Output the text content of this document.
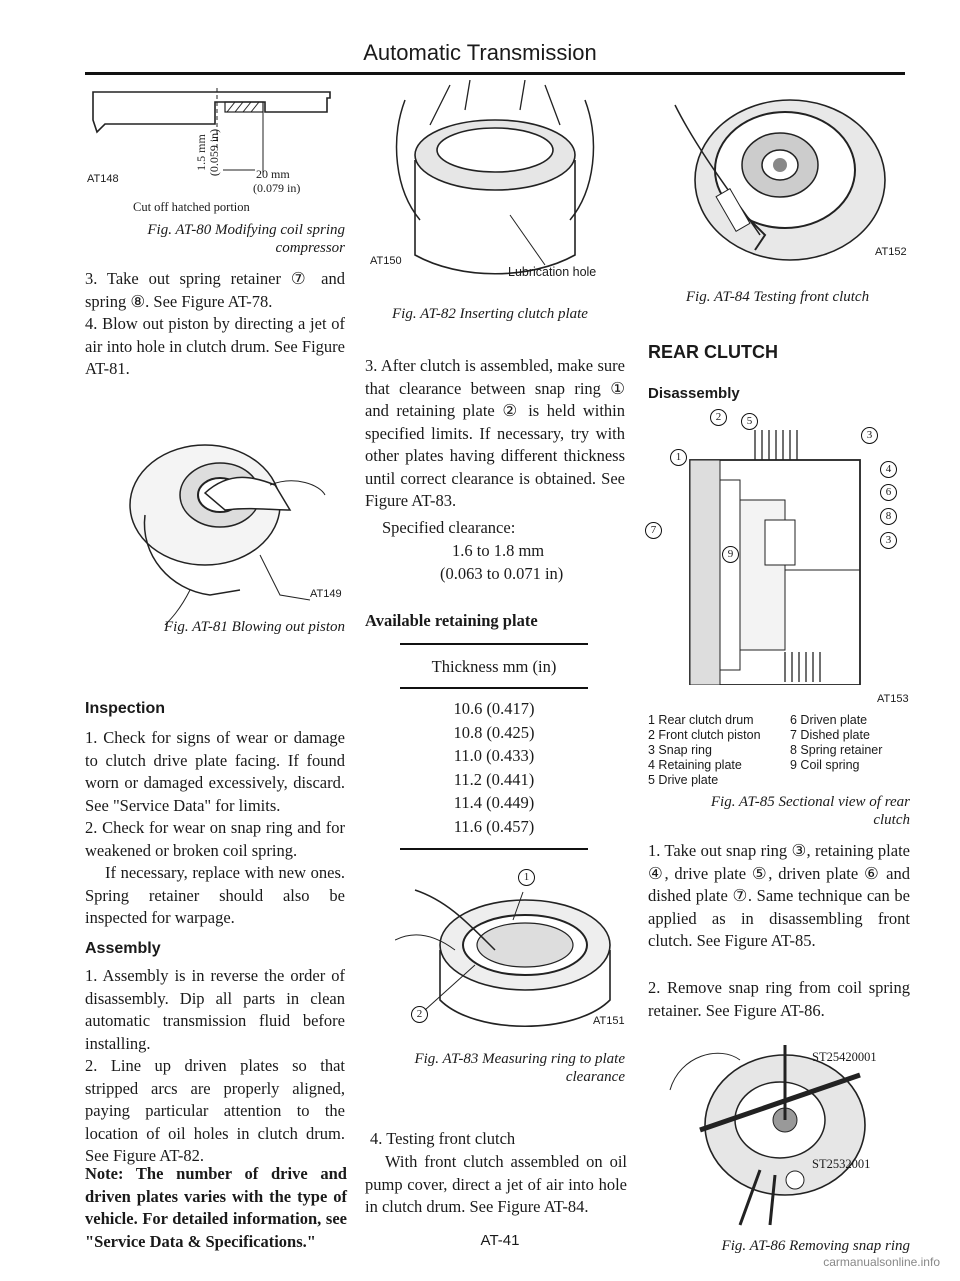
Automatic Transmission
AT148
1.5 mm (0.059 in)	20 mm
(0.079 in)
Cut off hatched portion
Fig. AT-80 Modifying coil spring compressor
3. Take out spring retainer ⑦ and spring ⑧. See Figure AT-78.
4. Blow out piston by directing a jet of air into hole in clutch drum. See Figure AT-81.
AT149
Fig. AT-81 Blowing out piston
Inspection
1. Check for signs of wear or damage to clutch drive plate facing. If found worn or damaged excessively, discard. See "Service Data" for limits.
2. Check for wear on snap ring and for weakened or broken coil spring.
If necessary, replace with new ones. Spring retainer should also be inspected for warpage.
Assembly
1. Assembly is in reverse the order of disassembly. Dip all parts in clean automatic transmission fluid before installing.
2. Line up driven plates so that stripped arcs are properly aligned, paying particular attention to the location of oil holes in clutch drum. See Figure AT-82.
Note: The number of drive and driven plates varies with the type of vehicle. For detailed information, see "Service Data & Specifications."
AT150
Lubrication hole
Fig. AT-82 Inserting clutch plate
3. After clutch is assembled, make sure that clearance between snap ring ① and retaining plate ② is held within specified limits. If necessary, try with other plates having different thickness until correct clearance is obtained. See Figure AT-83.
Specified clearance:
1.6 to 1.8 mm
(0.063 to 0.071 in)
Available retaining plate
Thickness mm (in)
10.6 (0.417)
10.8 (0.425)
11.0 (0.433)
11.2 (0.441)
11.4 (0.449)
11.6 (0.457)
1
2
AT151
Fig. AT-83 Measuring ring to plate clearance
4. Testing front clutch
With front clutch assembled on oil pump cover, direct a jet of air into hole in clutch drum. See Figure AT-84.
AT-41
AT152
Fig. AT-84 Testing front clutch
REAR CLUTCH
Disassembly
2	5
3
1
4
6
8
3
7
9
AT153
1 Rear clutch drum
2 Front clutch piston
3 Snap ring
4 Retaining plate
5 Drive plate
6 Driven plate
7 Dished plate
8 Spring retainer
9 Coil spring
Fig. AT-85 Sectional view of rear clutch
1. Take out snap ring ③, retaining plate ④, drive plate ⑤, driven plate ⑥ and dished plate ⑦. Same technique can be applied as in disassembling front clutch. See Figure AT-85.
2. Remove snap ring from coil spring retainer. See Figure AT-86.
ST25420001
ST2532001
Fig. AT-86 Removing snap ring
carmanualsonline.info
